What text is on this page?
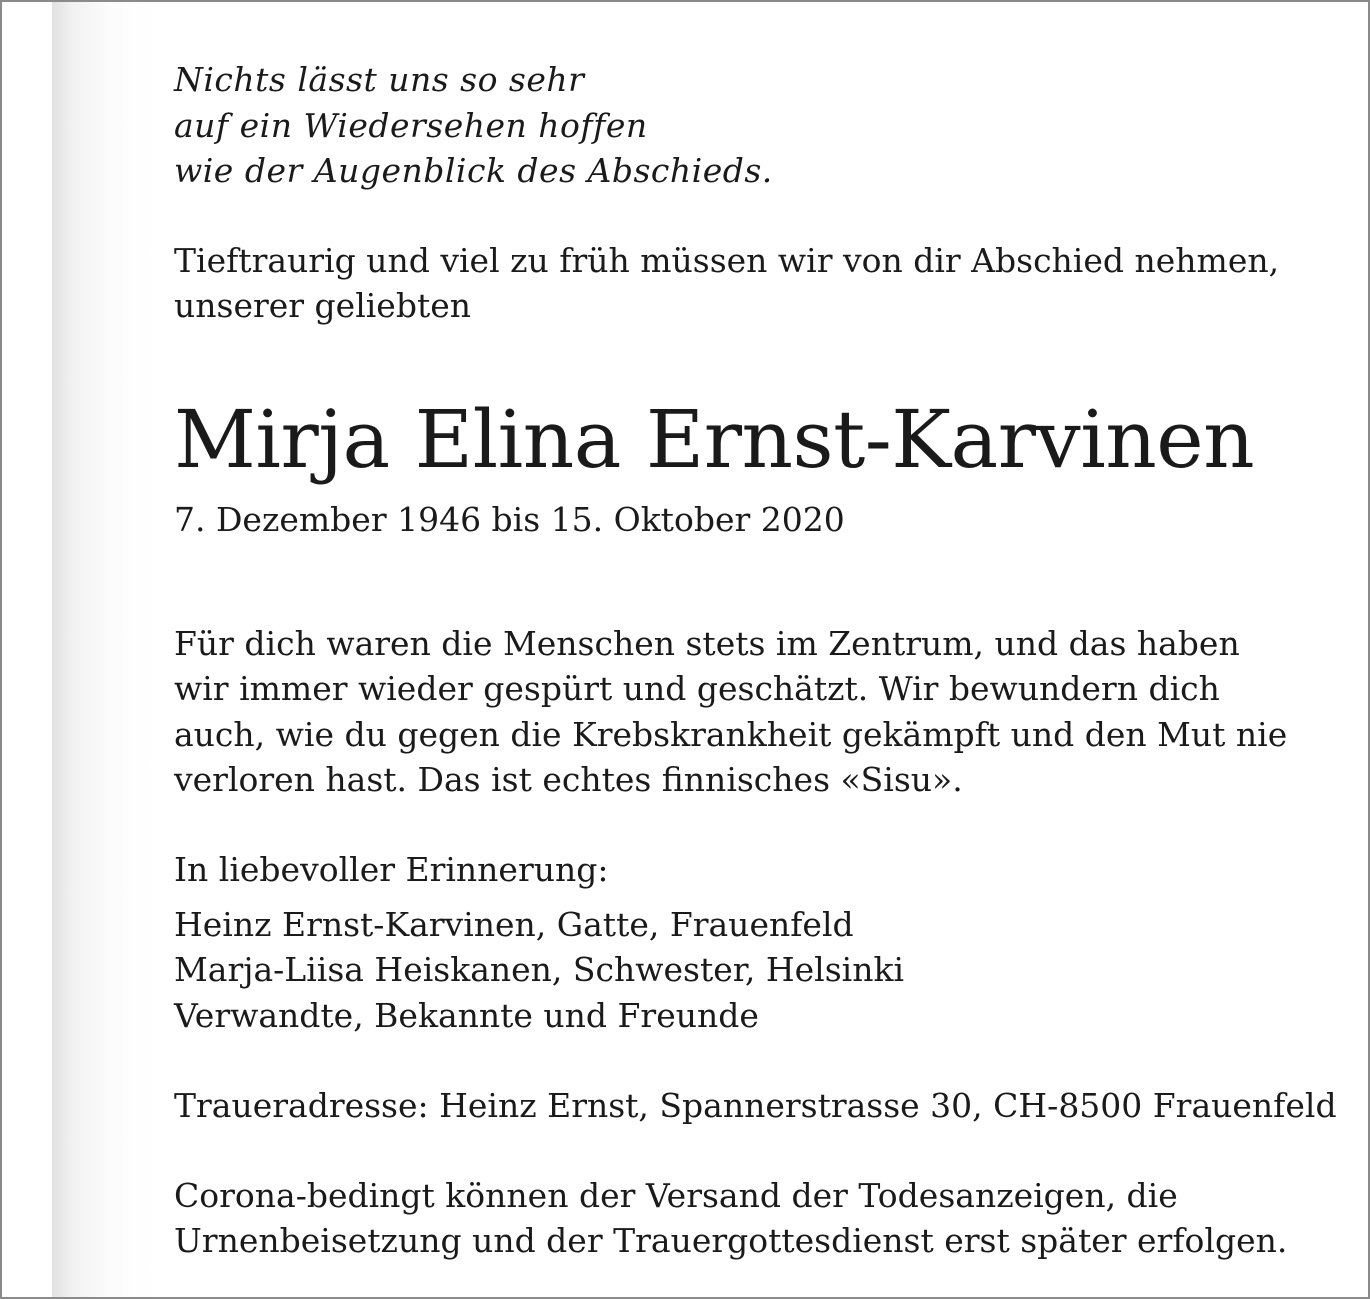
Nichts lässt uns so sehr
auf ein Wiedersehen hoffen
wie der Augenblick des Abschieds.
Tieftraurig und viel zu früh müssen wir von dir Abschied nehmen,
unserer geliebten
Mirja Elina Ernst-Karvinen
7. Dezember 1946 bis 15. Oktober 2020
Für dich waren die Menschen stets im Zentrum, und das haben
wir immer wieder gespürt und geschätzt. Wir bewundern dich
auch, wie du gegen die Krebskrankheit gekämpft und den Mut nie
verloren hast. Das ist echtes finnisches «Sisu».
In liebevoller Erinnerung:
Heinz Ernst-Karvinen, Gatte, Frauenfeld
Marja-Liisa Heiskanen, Schwester, Helsinki
Verwandte, Bekannte und Freunde
Traueradresse: Heinz Ernst, Spannerstrasse 30, CH-8500 Frauenfeld
Corona-bedingt können der Versand der Todesanzeigen, die
Urnenbeisetzung und der Trauergottesdienst erst später erfolgen.
